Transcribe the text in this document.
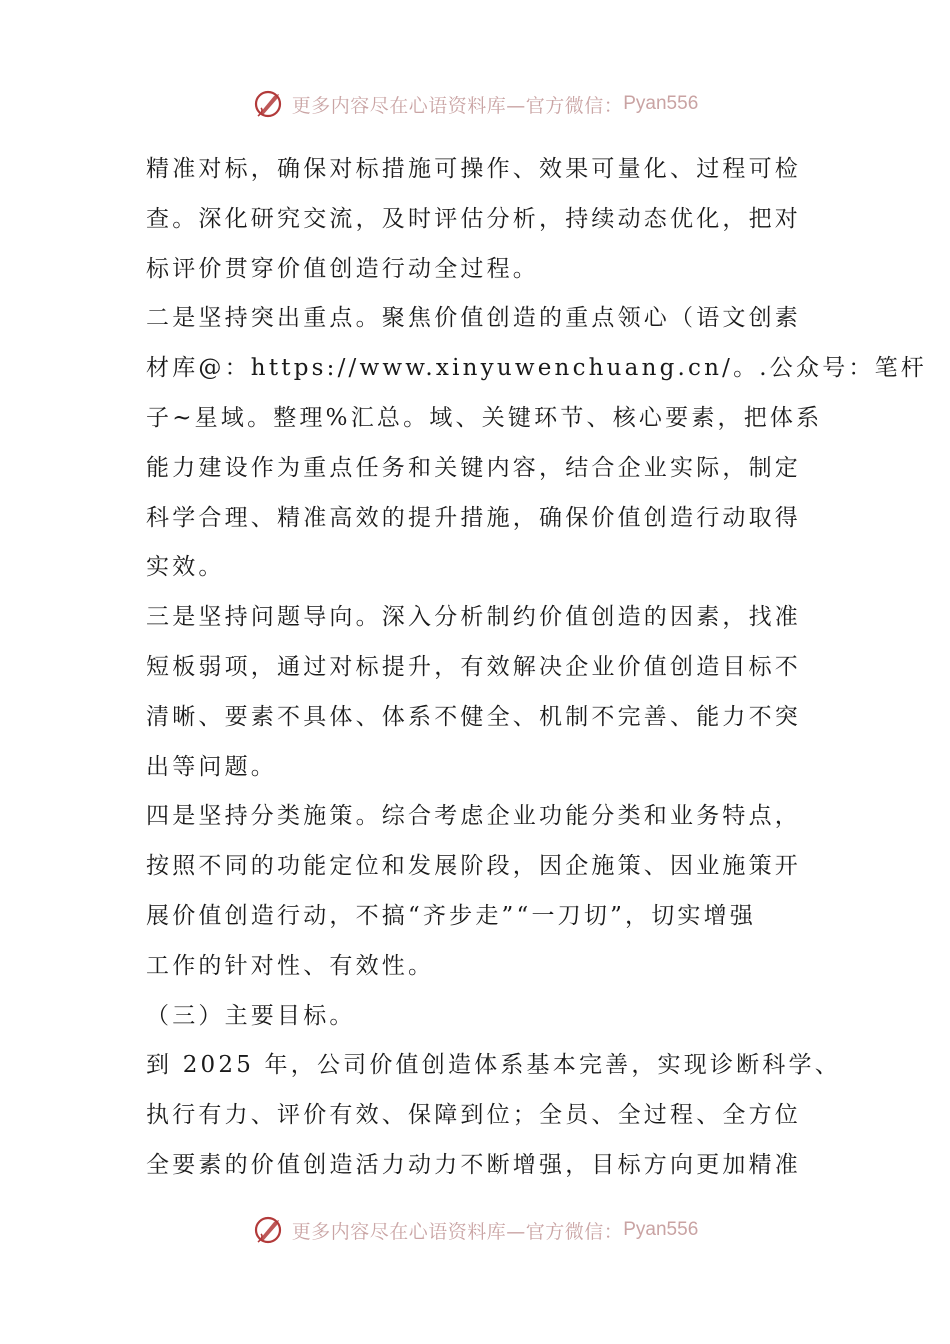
更多内容尽在心语资料库—官方微信： Pyan556
精准对标，确保对标措施可操作、效果可量化、过程可检
查。深化研究交流，及时评估分析，持续动态优化，把对
标评价贯穿价值创造行动全过程。
二是坚持突出重点。聚焦价值创造的重点领心（语文创素
材库@：https://www.xinyuwenchuang.cn/。.公众号：笔杆
子~星域。整理%汇总。域、关键环节、核心要素，把体系
能力建设作为重点任务和关键内容，结合企业实际，制定
科学合理、精准高效的提升措施，确保价值创造行动取得
实效。
三是坚持问题导向。深入分析制约价值创造的因素，找准
短板弱项，通过对标提升，有效解决企业价值创造目标不
清晰、要素不具体、体系不健全、机制不完善、能力不突
出等问题。
四是坚持分类施策。综合考虑企业功能分类和业务特点，
按照不同的功能定位和发展阶段，因企施策、因业施策开
展价值创造行动，不搞“齐步走”“一刀切”，切实增强
工作的针对性、有效性。
（三）主要目标。
到 2025 年，公司价值创造体系基本完善，实现诊断科学、
执行有力、评价有效、保障到位；全员、全过程、全方位
全要素的价值创造活力动力不断增强，目标方向更加精准
更多内容尽在心语资料库—官方微信： Pyan556
